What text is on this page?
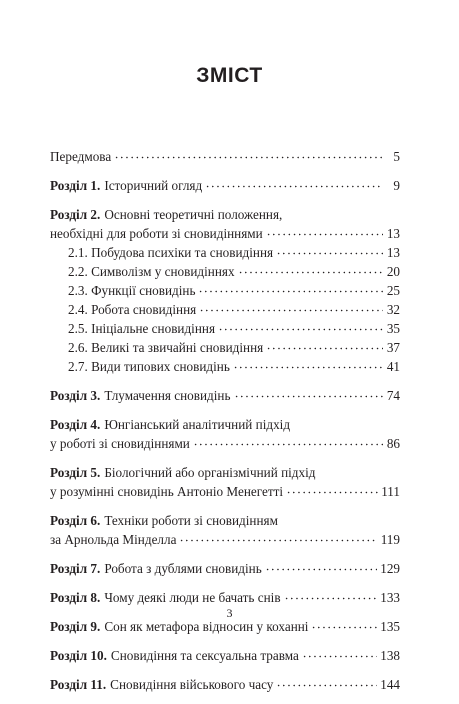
ЗМІСТ
Передмова	5
Розділ 1. Історичний огляд	9
Розділ 2. Основні теоретичні положення,
необхідні для роботи зі сновидіннями	13
2.1. Побудова психіки та сновидіння	13
2.2. Символізм у сновидіннях	20
2.3. Функції сновидінь	25
2.4. Робота сновидіння	32
2.5. Ініціальне сновидіння	35
2.6. Великі та звичайні сновидіння	37
2.7. Види типових сновидінь	41
Розділ 3. Тлумачення сновидінь	74
Розділ 4. Юнгіанський аналітичний підхід
у роботі зі сновидіннями	86
Розділ 5. Біологічний або організмічний підхід
у розумінні сновидінь Антоніо Менегетті	111
Розділ 6. Техніки роботи зі сновидінням
за Арнольда Мінделла	119
Розділ 7. Робота з дублями сновидінь	129
Розділ 8. Чому деякі люди не бачать снів	133
Розділ 9. Сон як метафора відносин у коханні	135
Розділ 10. Сновидіння та сексуальна травма	138
Розділ 11. Сновидіння військового часу	144
3
